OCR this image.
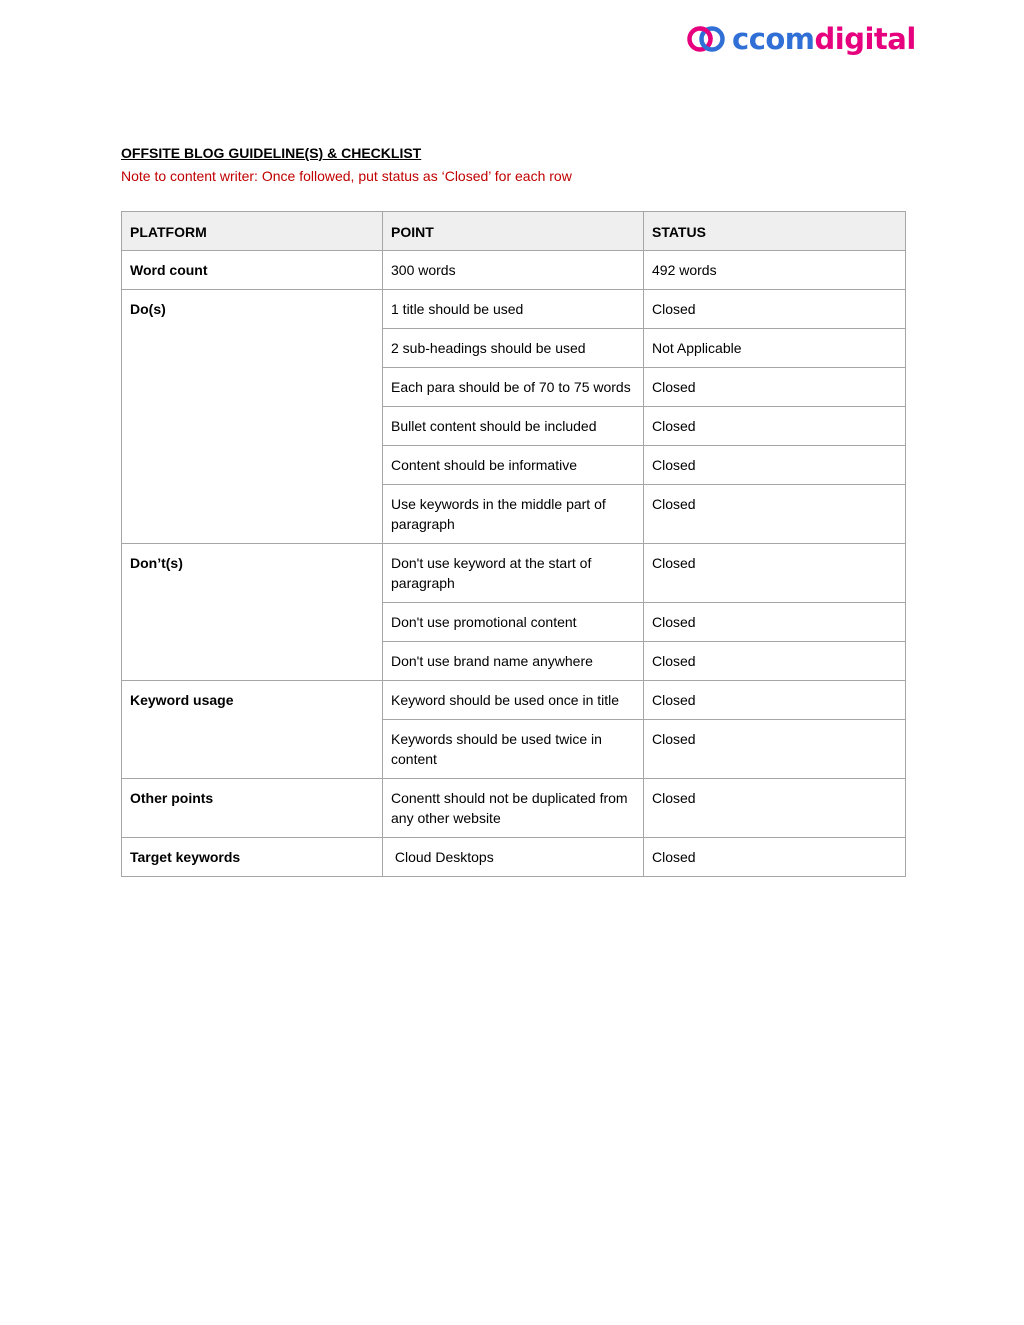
ccomdigital
OFFSITE BLOG GUIDELINE(S) & CHECKLIST
Note to content writer: Once followed, put status as ‘Closed’ for each row
PLATFORM	POINT	STATUS
Word count	300 words	492 words
Do(s)	1 title should be used	Closed
	2 sub-headings should be used	Not Applicable
	Each para should be of 70 to 75 words	Closed
	Bullet content should be included	Closed
	Content should be informative	Closed
	Use keywords in the middle part of paragraph	Closed
Don’t(s)	Don't use keyword at the start of paragraph	Closed
	Don't use promotional content	Closed
	Don't use brand name anywhere	Closed
Keyword usage	Keyword should be used once in title	Closed
	Keywords should be used twice in content	Closed
Other points	Conentt should not be duplicated from any other website	Closed
Target keywords	Cloud Desktops	Closed
